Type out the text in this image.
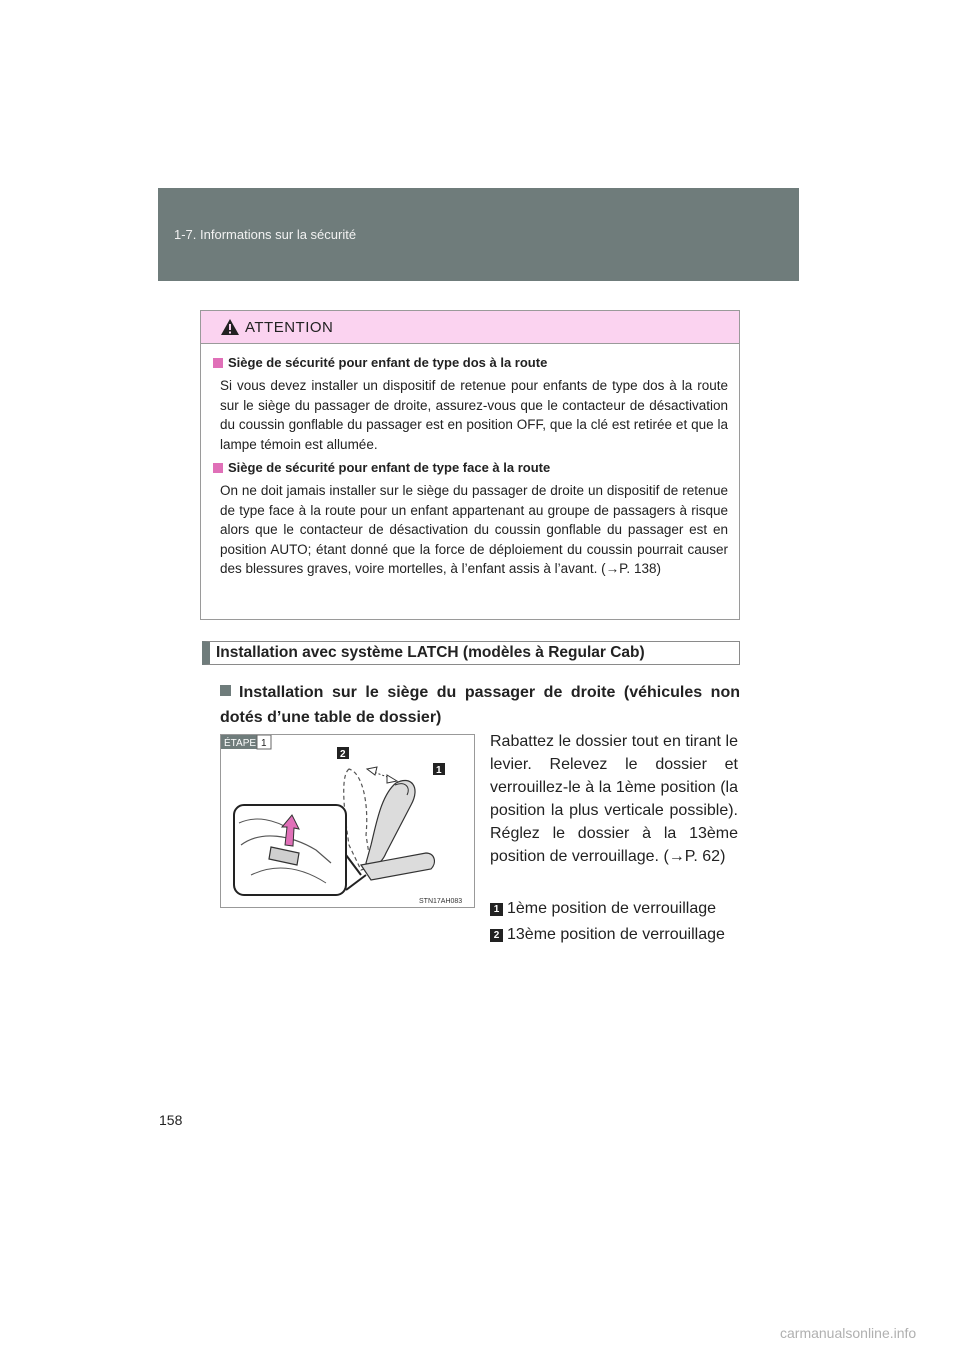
1-7. Informations sur la sécurité
ATTENTION
Siège de sécurité pour enfant de type dos à la route
Si vous devez installer un dispositif de retenue pour enfants de type dos à la route sur le siège du passager de droite, assurez-vous que le contacteur de désactivation du coussin gonflable du passager est en position OFF, que la clé est retirée et que la lampe témoin est allumée.
Siège de sécurité pour enfant de type face à la route
On ne doit jamais installer sur le siège du passager de droite un dispositif de retenue de type face à la route pour un enfant appartenant au groupe de passagers à risque alors que le contacteur de désactivation du coussin gonflable du passager est en position AUTO; étant donné que la force de déploiement du coussin pourrait causer des blessures graves, voire mortelles, à l’enfant assis à l’avant. (→P. 138)
Installation avec système LATCH (modèles à Regular Cab)
Installation sur le siège du passager de droite (véhicules non dotés d’une table de dossier)
ÉTAPE 1
2
1
STN17AH083
Rabattez le dossier tout en tirant le levier. Relevez le dossier et verrouillez-le à la 1ème position (la position la plus verticale possible). Réglez le dossier à la 13ème position de verrouillage. (→P. 62)
1 1ème position de verrouillage
2 13ème position de verrouillage
158
carmanualsonline.info
